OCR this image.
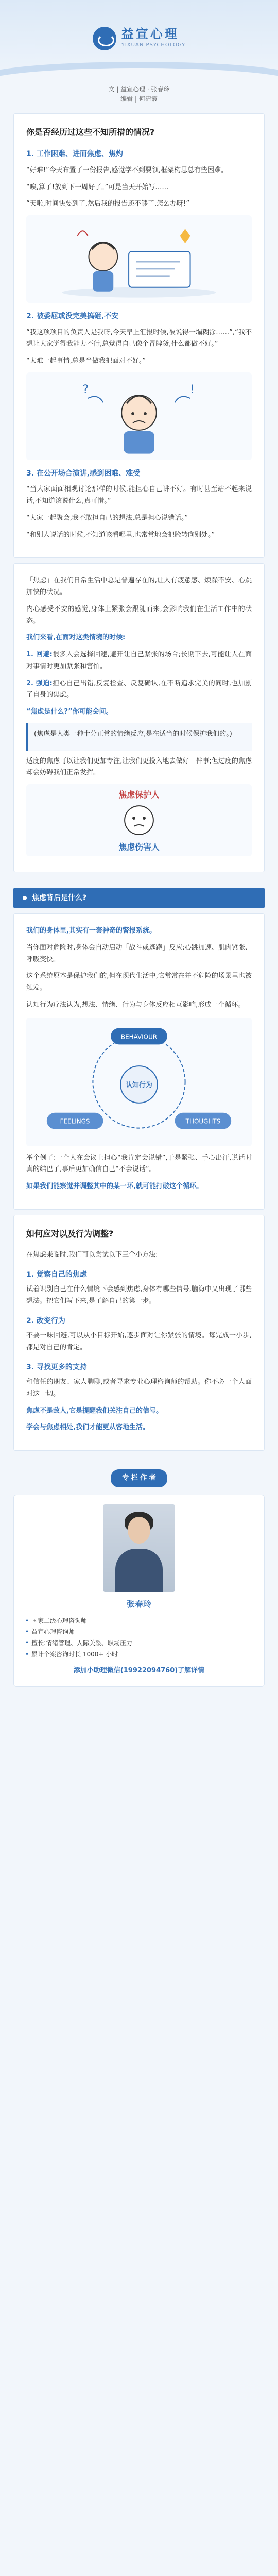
益宣心理
YIXUAN PSYCHOLOGY
文 | 益宣心理 · 张春玲
编辑 | 何清霞
你是否经历过这些不知所措的情况?
1. 工作困难、进而焦虑、焦灼

“好难!”今天布置了一份报告,感觉学不到要领,框架构思总有些困难。

“唉,算了!放到下一周好了。”可是当天开始写……

“天啦,时间快要到了,然后我的报告还不够了,怎么办呀!”

2. 被委屈或没完美搞砸,不安

“我这项项目的负责人是我呀,今天早上汇报时候,被说得一塌糊涂……”,“我不想让大家觉得我能力不行,总觉得自己像个冒牌货,什么都做不好。”

“太难一起事情,总是当做我把面对不好。”

?	!
3. 在公开场合演讲,感到困难、难受

“当大家面面相观讨论那样的时候,能担心自己讲不好。有时甚至站不起来说话,不知道该说什么,真可惜。”

“大家一起聚会,我不敢担自己的想法,总是担心说错话。”

“和别人说话的时候,不知道该看哪里,也常常地会把脸转向别处。”

「焦虑」在我们日常生活中总是普遍存在的,让人有疲惫感、烦躁不安、心跳加快的状况。

内心感受不安的感觉,身体上紧张会跟随而来,会影响我们在生活工作中的状态。

我们来看,在面对这类情境的时候:

1. 回避:很多人会选择回避,避开让自己紧张的场合;长期下去,可能让人在面对事情时更加紧张和害怕。

2. 强迫:担心自己出错,反复检查、反复确认,在不断追求完美的同时,也加剧了自身的焦虑。

“焦虑是什么?”你可能会问。

(焦虑是人类一种十分正常的情绪反应,是在适当的时候保护我们的。)

适度的焦虑可以让我们更加专注,让我们更投入地去做好一件事;但过度的焦虑却会妨碍我们正常发挥。

焦虑保护人
焦虑伤害人
焦虑背后是什么?

我们的身体里,其实有一套神奇的警报系统。

当你面对危险时,身体会自动启动「战斗或逃跑」反应:心跳加速、肌肉紧张、呼吸变快。

这个系统原本是保护我们的,但在现代生活中,它常常在并不危险的场景里也被触发。

认知行为疗法认为,想法、情绪、行为与身体反应相互影响,形成一个循环。

BEHAVIOUR
FEELINGS	THOUGHTS
认知行为

举个例子:一个人在会议上担心“我肯定会说错”,于是紧张、手心出汗,说话时真的结巴了,事后更加确信自己“不会说话”。

如果我们能察觉并调整其中的某一环,就可能打破这个循环。

如何应对以及行为调整?

在焦虑来临时,我们可以尝试以下三个小方法:

1. 觉察自己的焦虑

试着识别自己在什么情境下会感到焦虑,身体有哪些信号,脑海中又出现了哪些想法。把它们写下来,是了解自己的第一步。

2. 改变行为

不要一味回避,可以从小目标开始,逐步面对让你紧张的情境。每完成一小步,都是对自己的肯定。

3. 寻找更多的支持

和信任的朋友、家人聊聊,或者寻求专业心理咨询师的帮助。你不必一个人面对这一切。

焦虑不是敌人,它是提醒我们关注自己的信号。

学会与焦虑相处,我们才能更从容地生活。

专 栏 作 者
张春玲
• 国家二级心理咨询师
• 益宣心理咨询师
• 擅长:情绪管理、人际关系、职场压力
• 累计个案咨询时长 1000+ 小时
添加小助理微信(19922094760)了解详情
